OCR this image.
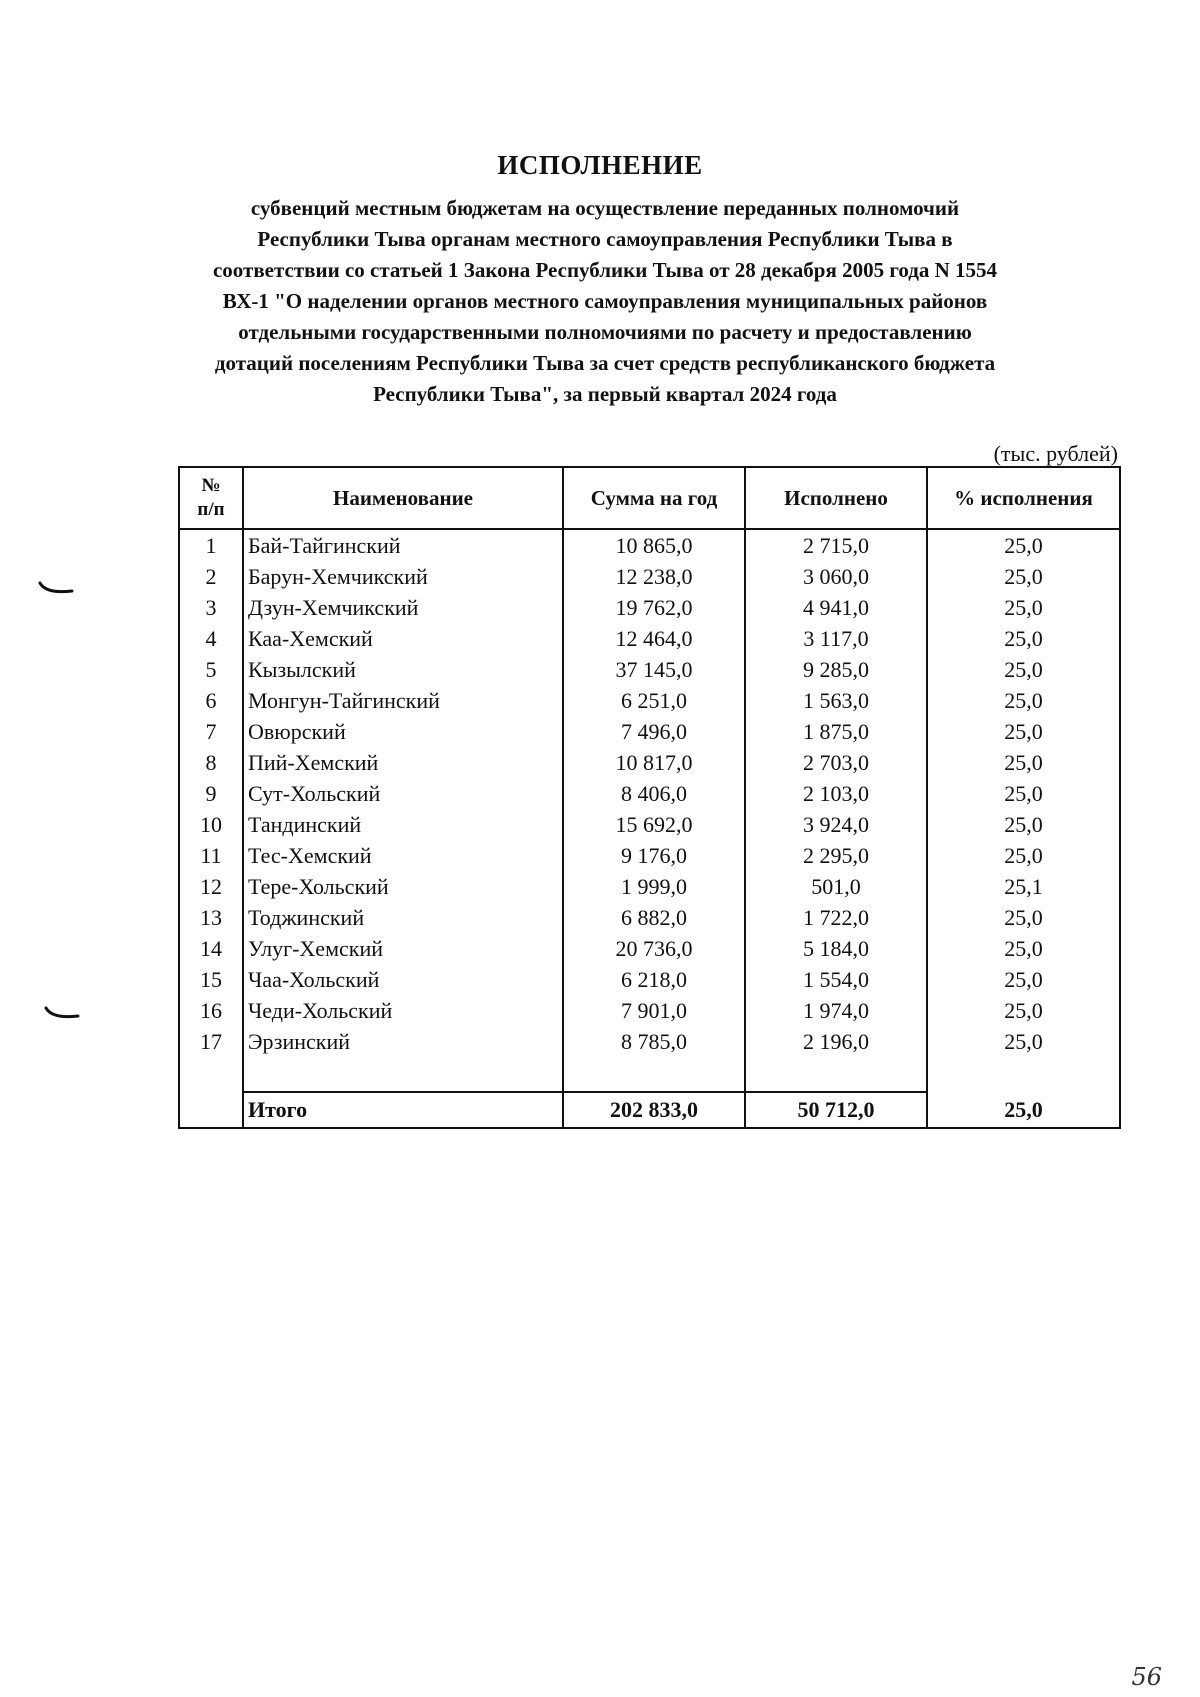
ИСПОЛНЕНИЕ
субвенций местным бюджетам на осуществление переданных полномочий
Республики Тыва органам местного самоуправления Республики Тыва в
соответствии со статьей 1 Закона Республики Тыва от 28 декабря 2005 года N 1554
ВХ-1 "О наделении органов местного самоуправления муниципальных районов
отдельными государственными полномочиями по расчету и предоставлению
дотаций поселениям Республики Тыва за счет средств республиканского бюджета
Республики Тыва", за первый квартал 2024 года
(тыс. рублей)
№
п/п	Наименование	Сумма на год	Исполнено	% исполнения
1	Бай-Тайгинский	10 865,0	2 715,0	25,0
2	Барун-Хемчикский	12 238,0	3 060,0	25,0
3	Дзун-Хемчикский	19 762,0	4 941,0	25,0
4	Каа-Хемский	12 464,0	3 117,0	25,0
5	Кызылский	37 145,0	9 285,0	25,0
6	Монгун-Тайгинский	6 251,0	1 563,0	25,0
7	Овюрский	7 496,0	1 875,0	25,0
8	Пий-Хемский	10 817,0	2 703,0	25,0
9	Сут-Хольский	8 406,0	2 103,0	25,0
10	Тандинский	15 692,0	3 924,0	25,0
11	Тес-Хемский	9 176,0	2 295,0	25,0
12	Тере-Хольский	1 999,0	501,0	25,1
13	Тоджинский	6 882,0	1 722,0	25,0
14	Улуг-Хемский	20 736,0	5 184,0	25,0
15	Чаа-Хольский	6 218,0	1 554,0	25,0
16	Чеди-Хольский	7 901,0	1 974,0	25,0
17	Эрзинский	8 785,0	2 196,0	25,0

	Итого	202 833,0	50 712,0	25,0
56
